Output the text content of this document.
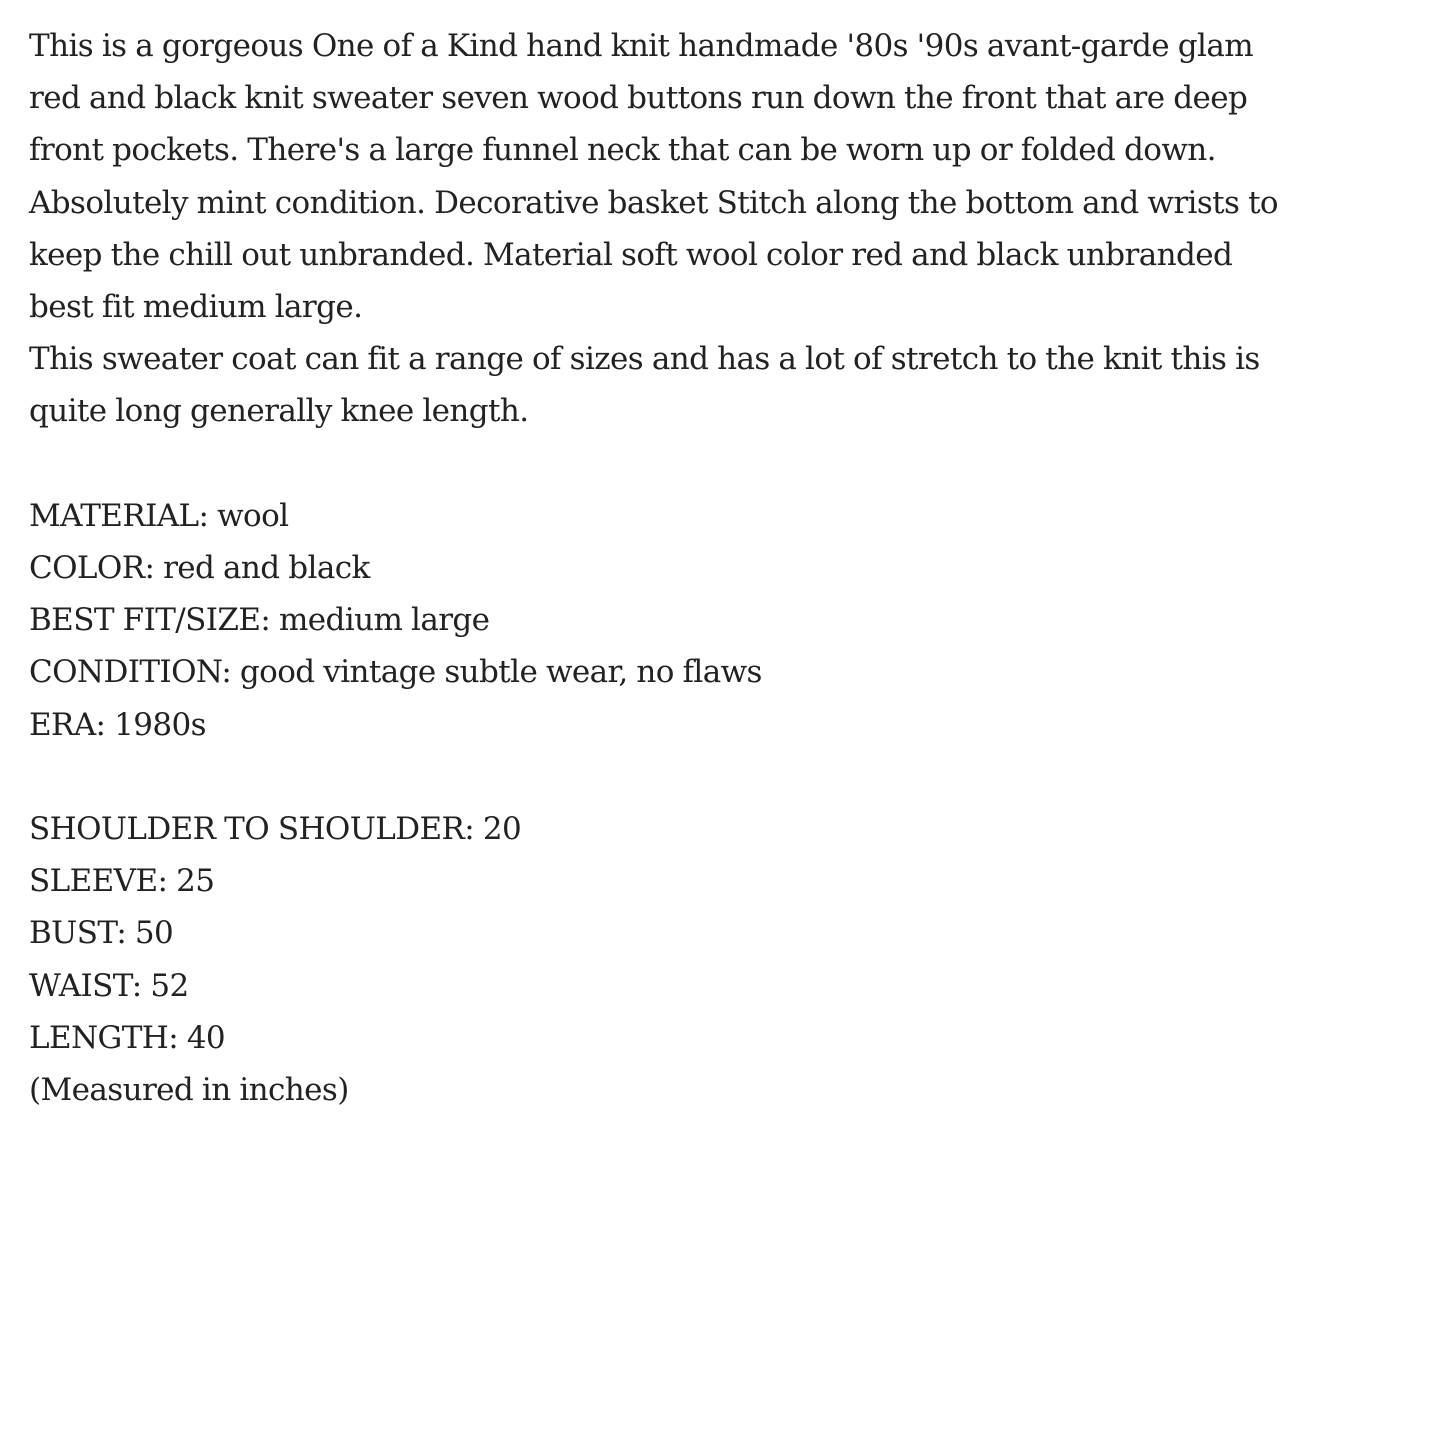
This is a gorgeous One of a Kind hand knit handmade '80s '90s avant-garde glam
red and black knit sweater seven wood buttons run down the front that are deep
front pockets. There's a large funnel neck that can be worn up or folded down.
Absolutely mint condition. Decorative basket Stitch along the bottom and wrists to
keep the chill out unbranded. Material soft wool color red and black unbranded
best fit medium large.
This sweater coat can fit a range of sizes and has a lot of stretch to the knit this is
quite long generally knee length.
MATERIAL: wool
COLOR: red and black
BEST FIT/SIZE: medium large
CONDITION: good vintage subtle wear, no flaws
ERA: 1980s
SHOULDER TO SHOULDER: 20
SLEEVE: 25
BUST: 50
WAIST: 52
LENGTH: 40
(Measured in inches)
